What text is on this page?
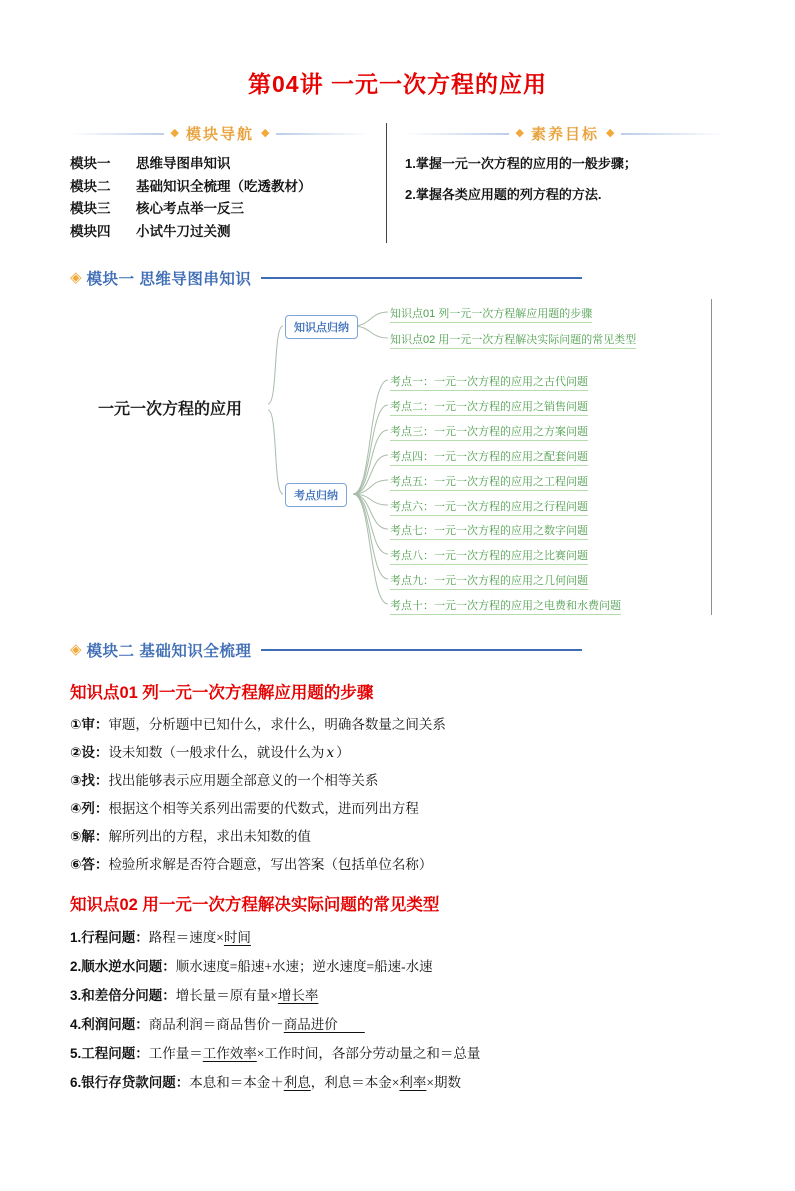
第04讲 一元一次方程的应用
◆ 模块导航 ◆
模块一	思维导图串知识
模块二	基础知识全梳理（吃透教材）
模块三	核心考点举一反三
模块四	小试牛刀过关测
◆ 素养目标 ◆
1.掌握一元一次方程的应用的一般步骤；
2.掌握各类应用题的列方程的方法.
◈ 模块一 思维导图串知识
一元一次方程的应用
知识点归纳
考点归纳
知识点01 列一元一次方程解应用题的步骤
知识点02 用一元一次方程解决实际问题的常见类型
考点一：一元一次方程的应用之古代问题
考点二：一元一次方程的应用之销售问题
考点三：一元一次方程的应用之方案问题
考点四：一元一次方程的应用之配套问题
考点五：一元一次方程的应用之工程问题
考点六：一元一次方程的应用之行程问题
考点七：一元一次方程的应用之数字问题
考点八：一元一次方程的应用之比赛问题
考点九：一元一次方程的应用之几何问题
考点十：一元一次方程的应用之电费和水费问题
◈ 模块二 基础知识全梳理
知识点01 列一元一次方程解应用题的步骤
①审：审题，分析题中已知什么，求什么，明确各数量之间关系
②设：设未知数（一般求什么，就设什么为 x ）
③找：找出能够表示应用题全部意义的一个相等关系
④列：根据这个相等关系列出需要的代数式，进而列出方程
⑤解：解所列出的方程，求出未知数的值
⑥答：检验所求解是否符合题意，写出答案（包括单位名称）
知识点02 用一元一次方程解决实际问题的常见类型
1.行程问题：路程＝速度×时间
2.顺水逆水问题：顺水速度=船速+水速；逆水速度=船速-水速
3.和差倍分问题：增长量＝原有量×增长率
4.利润问题：商品利润＝商品售价－商品进价　　
5.工程问题：工作量＝工作效率×工作时间，各部分劳动量之和＝总量
6.银行存贷款问题：本息和＝本金＋利息，利息＝本金×利率×期数
